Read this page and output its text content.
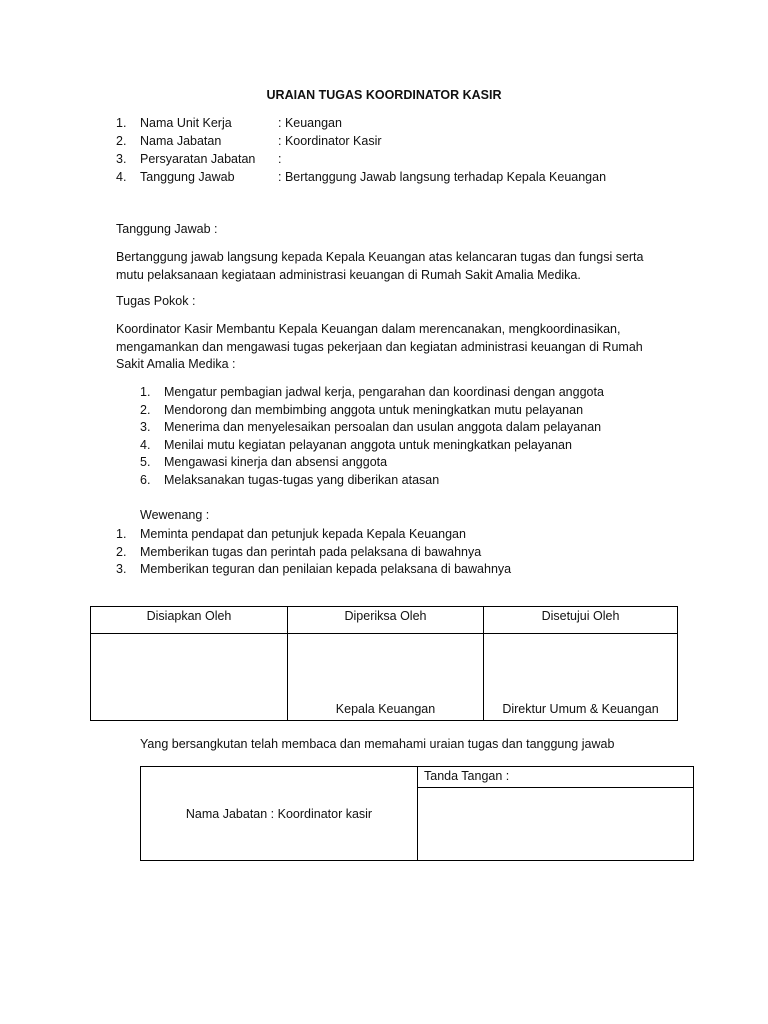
URAIAN TUGAS KOORDINATOR KASIR
1.	Nama Unit Kerja	: Keuangan
2.	Nama Jabatan	: Koordinator Kasir
3.	Persyaratan Jabatan	:
4.	Tanggung Jawab	: Bertanggung Jawab langsung terhadap Kepala Keuangan
Tanggung Jawab :
Bertanggung jawab langsung kepada Kepala Keuangan atas kelancaran tugas dan fungsi serta
mutu pelaksanaan kegiataan administrasi keuangan di Rumah Sakit Amalia Medika.
Tugas Pokok :
Koordinator Kasir Membantu Kepala Keuangan dalam merencanakan, mengkoordinasikan,
mengamankan dan mengawasi tugas pekerjaan dan kegiatan administrasi keuangan di Rumah
Sakit Amalia Medika :
1.	Mengatur pembagian jadwal kerja, pengarahan dan koordinasi dengan anggota
2.	Mendorong dan membimbing anggota untuk meningkatkan mutu pelayanan
3.	Menerima dan menyelesaikan persoalan dan usulan anggota dalam pelayanan
4.	Menilai mutu kegiatan pelayanan anggota untuk meningkatkan pelayanan
5.	Mengawasi kinerja dan absensi anggota
6.	Melaksanakan tugas-tugas yang diberikan atasan
Wewenang :
1.	Meminta pendapat dan petunjuk kepada Kepala Keuangan
2.	Memberikan tugas dan perintah pada pelaksana di bawahnya
3.	Memberikan teguran dan penilaian kepada pelaksana di bawahnya
Disiapkan Oleh	Diperiksa Oleh	Disetujui Oleh

	Kepala Keuangan	Direktur Umum & Keuangan
Yang bersangkutan telah membaca dan memahami uraian tugas dan tanggung jawab
Nama Jabatan : Koordinator kasir	Tanda Tangan :
